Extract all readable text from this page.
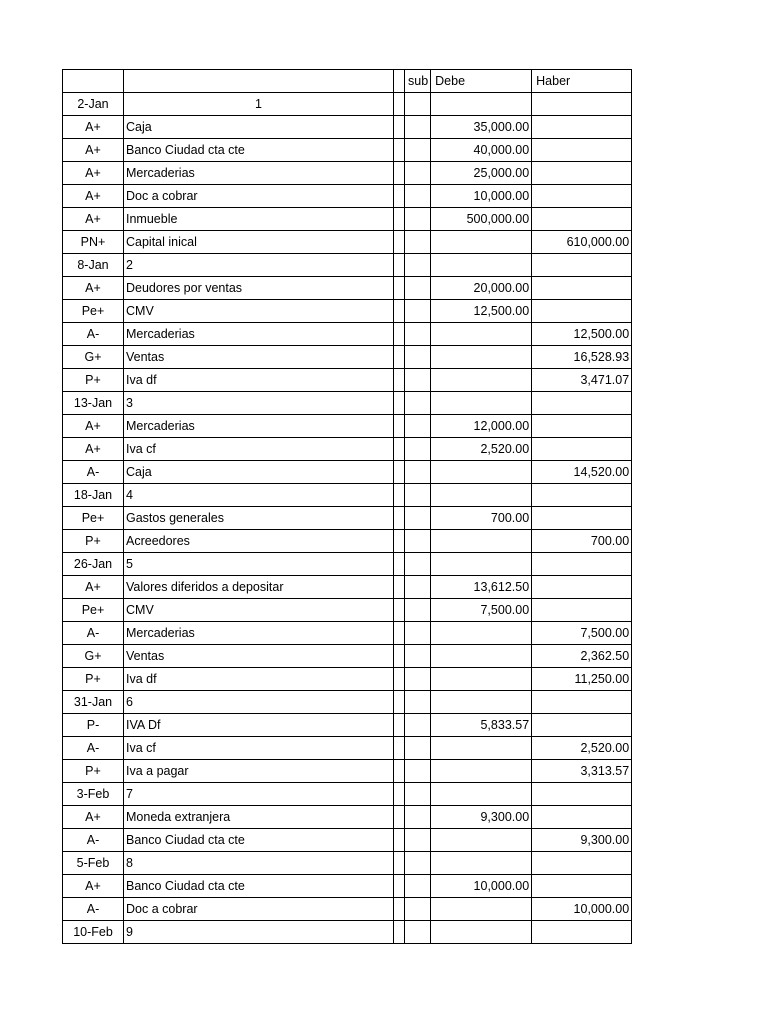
			sub	Debe	Haber
2-Jan	1				
A+	Caja			35,000.00	
A+	Banco Ciudad cta cte			40,000.00	
A+	Mercaderias			25,000.00	
A+	Doc a cobrar			10,000.00	
A+	Inmueble			500,000.00	
PN+	Capital inical				610,000.00
8-Jan	2				
A+	Deudores por ventas			20,000.00	
Pe+	CMV			12,500.00	
A-	Mercaderias				12,500.00
G+	Ventas				16,528.93
P+	Iva df				3,471.07
13-Jan	3				
A+	Mercaderias			12,000.00	
A+	Iva cf			2,520.00	
A-	Caja				14,520.00
18-Jan	4				
Pe+	Gastos generales			700.00	
P+	Acreedores				700.00
26-Jan	5				
A+	Valores diferidos a depositar			13,612.50	
Pe+	CMV			7,500.00	
A-	Mercaderias				7,500.00
G+	Ventas				2,362.50
P+	Iva df				11,250.00
31-Jan	6				
P-	IVA Df			5,833.57	
A-	Iva cf				2,520.00
P+	Iva a pagar				3,313.57
3-Feb	7				
A+	Moneda extranjera			9,300.00	
A-	Banco Ciudad cta cte				9,300.00
5-Feb	8				
A+	Banco Ciudad cta cte			10,000.00	
A-	Doc a cobrar				10,000.00
10-Feb	9				
